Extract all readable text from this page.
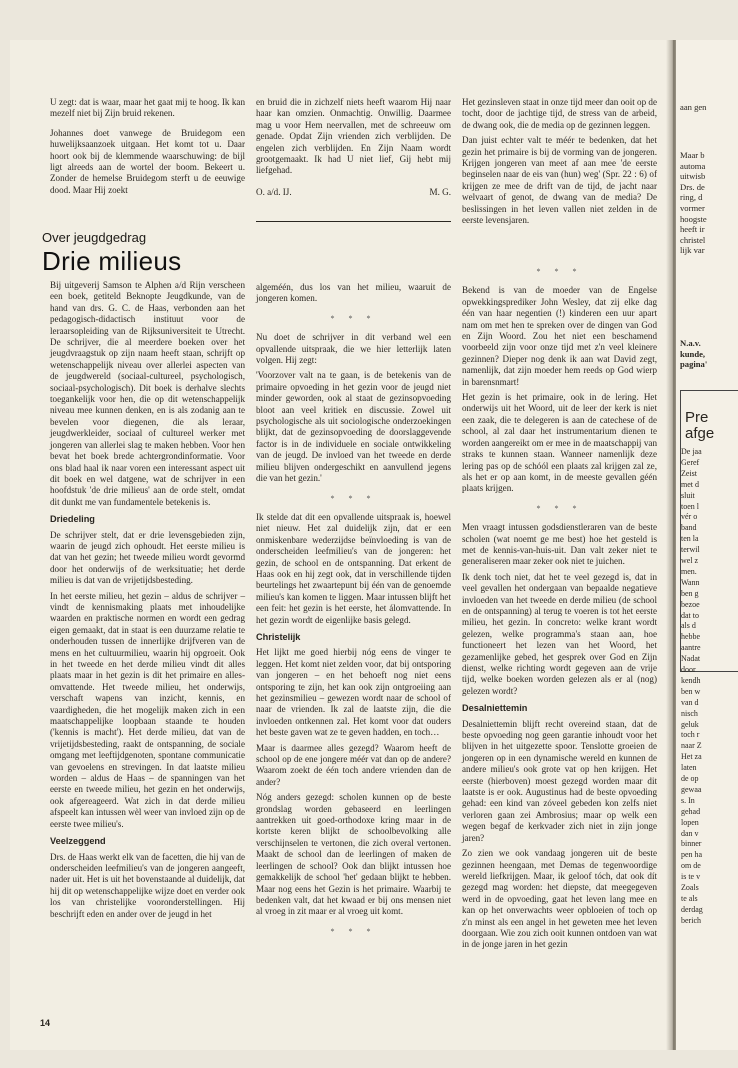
U zegt: dat is waar, maar het gaat mij te hoog. Ik kan mezelf niet bij Zijn bruid rekenen.

Johannes doet vanwege de Bruidegom een huwelijksaanzoek uitgaan. Het komt tot u. Daar hoort ook bij de klemmende waarschuwing: de bijl ligt alreeds aan de wortel der boom. Bekeert u. Zonder de hemelse Bruidegom sterft u de eeuwige dood. Maar Hij zoekt

en bruid die in zichzelf niets heeft waarom Hij naar haar kan omzien. Onmachtig. Onwillig. Daarmee mag u voor Hem neervallen, met de schreeuw om genade. Opdat Zijn vrienden zich verblijden. De engelen zich verblijden. En Zijn Naam wordt grootgemaakt. Ik had U niet lief, Gij hebt mij liefgehad.

O. a/d. IJ.	M. G.

Het gezinsleven staat in onze tijd meer dan ooit op de tocht, door de jachtige tijd, de stress van de arbeid, de dwang ook, die de media op de gezinnen leggen.

Dan juist echter valt te méér te bedenken, dat het gezin het primaire is bij de vorming van de jongeren. Krijgen jongeren van meet af aan mee 'de eerste beginselen naar de eis van (hun) weg' (Spr. 22 : 6) of krijgen ze mee de drift van de tijd, de jacht naar welvaart of genot, de dwang van de media? De beslissingen in het leven vallen niet zelden in de eerste levensjaren.

Over jeugdgedrag
Drie milieus

Bij uitgeverij Samson te Alphen a/d Rijn verscheen een boek, getiteld Beknopte Jeugdkunde, van de hand van drs. G. C. de Haas, verbonden aan het pedagogisch-didactisch instituut voor de leraarsopleiding van de Rijksuniversiteit te Utrecht. De schrijver, die al meerdere boeken over het jeugdvraagstuk op zijn naam heeft staan, schrijft op wetenschappelijk niveau over allerlei aspecten van de jeugdwereld (sociaal-cultureel, psychologisch, sociaal-psychologisch). Dit boek is derhalve slechts toegankelijk voor hen, die op dit wetenschappelijk niveau mee kunnen denken, en is als zodanig aan te bevelen voor diegenen, die als leraar, jeugdwerkleider, sociaal of cultureel werker met jongeren van allerlei slag te maken hebben. Voor hen bevat het boek brede achtergrondinformatie. Voor ons blad haal ik naar voren een interessant aspect uit dit boek en wel datgene, wat de schrijver in een hoofdstuk 'de drie milieus' aan de orde stelt, omdat dit dunkt me van fundamentele betekenis is.

Driedeling

De schrijver stelt, dat er drie levensgebieden zijn, waarin de jeugd zich ophoudt. Het eerste milieu is dat van het gezin; het tweede milieu wordt gevormd door het onderwijs of de werksituatie; het derde milieu is dat van de vrijetijdsbesteding.

In het eerste milieu, het gezin – aldus de schrijver – vindt de kennismaking plaats met inhoudelijke waarden en praktische normen en wordt een gedrag eigen gemaakt, dat in staat is een duurzame relatie te onderhouden tussen de innerlijke drijfveren van de mens en het cultuurmilieu, waarin hij opgroeit. Ook in het tweede en het derde milieu vindt dit alles plaats maar in het gezin is dit het primaire en alles-omvattende. Het tweede milieu, het onderwijs, verschaft wapens van inzicht, kennis, en vaardigheden, die het mogelijk maken zich in een maatschappelijke loopbaan staande te houden ('kennis is macht'). Het derde milieu, dat van de vrijetijdsbesteding, raakt de ontspanning, de sociale omgang met leeftijdgenoten, spontane communicatie van gevoelens en strevingen. In dat laatste milieu worden – aldus de Haas – de spanningen van het eerste en tweede milieu, het gezin en het onderwijs, ook afgereageerd. Wat zich in dat derde milieu afspeelt kan intussen wèl weer van invloed zijn op de eerste twee milieu's.

Veelzeggend

Drs. de Haas werkt elk van de facetten, die hij van de onderscheiden leefmilieu's van de jongeren aangeeft, nader uit. Het is uit het bovenstaande al duidelijk, dat hij dit op wetenschappelijke wijze doet en verder ook los van christelijke vooronderstellingen. Hij beschrijft eden en ander over de jeugd in het

algeméén, dus los van het milieu, waaruit de jongeren komen.

* * *

Nu doet de schrijver in dit verband wel een opvallende uitspraak, die we hier letterlijk laten volgen. Hij zegt:

'Voorzover valt na te gaan, is de betekenis van de primaire opvoeding in het gezin voor de jeugd niet minder geworden, ook al staat de gezinsopvoeding bloot aan veel kritiek en discussie. Zowel uit psychologische als uit sociologische onderzoekingen blijkt, dat de gezinsopvoeding de doorslaggevende factor is in de individuele en sociale ontwikkeling van de jeugd. De invloed van het tweede en derde milieu blijven ondergeschikt en aanvullend jegens die van het gezin.'

* * *

Ik stelde dat dit een opvallende uitspraak is, hoewel niet nieuw. Het zal duidelijk zijn, dat er een onmiskenbare wederzijdse beïnvloeding is van de onderscheiden leefmilieu's van de jongeren: het gezin, de school en de ontspanning. Dat erkent de Haas ook en hij zegt ook, dat in verschillende tijden beurtelings het zwaartepunt bij één van de genoemde milieu's kan komen te liggen. Maar intussen blijft het een feit: het gezin is het eerste, het álomvattende. In het gezin wordt de eigenlijke basis gelegd.

Christelijk

Het lijkt me goed hierbij nóg eens de vinger te leggen. Het komt niet zelden voor, dat bij ontsporing van jongeren – en het behoeft nog niet eens ontsporing te zijn, het kan ook zijn ontgroeiing aan het gezinsmilieu – gewezen wordt naar de school of naar de vrienden. Ik zal de laatste zijn, die die invloeden ontkennen zal. Het komt voor dat ouders het beste gaven wat ze te geven hadden, en toch…

Maar is daarmee alles gezegd? Waarom heeft de school op de ene jongere méér vat dan op de andere? Waarom zoekt de één toch andere vrienden dan de ander?

Nóg anders gezegd: scholen kunnen op de beste grondslag worden gebaseerd en leerlingen aantrekken uit goed-orthodoxe kring maar in de kortste keren blijkt de schoolbevolking alle verschijnselen te vertonen, die zich overal vertonen. Maakt de school dan de leerlingen of maken de leerlingen de school? Ook dan blijkt intussen hoe gemakkelijk de school 'het' gedaan blijkt te hebben. Maar nog eens het Gezin is het primaire. Waarbij te bedenken valt, dat het kwaad er bij ons mensen niet al vroeg in zit maar er al vroeg uit komt.

* * *
* * *

Bekend is van de moeder van de Engelse opwekkingsprediker John Wesley, dat zij elke dag één van haar negentien (!) kinderen een uur apart nam om met hen te spreken over de dingen van God en Zijn Woord. Zou het niet een beschamend voorbeeld zijn voor onze tijd met z'n veel kleinere gezinnen? Dieper nog denk ik aan wat David zegt, namenlijk, dat zijn moeder hem reeds op God wierp in barensnmart!

Het gezin is het primaire, ook in de lering. Het onderwijs uit het Woord, uit de leer der kerk is niet een zaak, die te delegeren is aan de catechese of de school, al zal daar het instrumentarium dienen te worden aangereikt om er mee in de maatschappij van straks te kunnen staan. Wanneer namenlijk deze lering pas op de schóól een plaats zal krijgen zal ze, als het er op aan komt, in de meeste gevallen géén plaats krijgen.

* * *

Men vraagt intussen godsdienstleraren van de beste scholen (wat noemt ge me best) hoe het gesteld is met de kennis-van-huis-uit. Dan valt zeker niet te generaliseren maar zeker ook niet te juichen.

Ik denk toch niet, dat het te veel gezegd is, dat in veel gevallen het ondergaan van bepaalde negatieve invloeden van het tweede en derde milieu (de school en de ontspanning) al terug te voeren is tot het eerste milieu, het gezin. In concreto: welke krant wordt gelezen, welke programma's staan aan, hoe functioneert het lezen van het Woord, het gezamenlijke gebed, het gesprek over God en Zijn dienst, welke richting wordt gegeven aan de vrije tijd, welke boeken worden gelezen als er al (nog) gelezen wordt?

Desalniettemin

Desalniettemin blijft recht overeind staan, dat de beste opvoeding nog geen garantie inhoudt voor het blijven in het uitgezette spoor. Tenslotte groeien de jongeren op in een dynamische wereld en kunnen de andere milieu's ook grote vat op hen krijgen. Het eerste (hierboven) moest gezegd worden maar dit laatste is er ook. Augustinus had de beste opvoeding gehad: een kind van zóveel gebeden kon zelfs niet verloren gaan zei Ambrosius; maar op welk een wegen begaf de kerkvader zich niet in zijn jonge jaren?

Zo zien we ook vandaag jongeren uit de beste gezinnen heengaan, met Demas de tegenwoordige wereld liefkrijgen. Maar, ik geloof tóch, dat ook dít gezegd mag worden: het diepste, dat meegegeven werd in de opvoeding, gaat het leven lang mee en kan op het onverwachts weer opbloeien of toch op z'n minst als een angel in het geweten mee het leven doorgaan. Wie zou zich ooit kunnen ontdoen van wat in de jonge jaren in het gezin

14
aan gen
Maar b
automa
uitwisb
Drs. de
ring, d
vormer
hoogste
heeft ir
christel
lijk var
N.a.v.
kunde,
pagina'
Pre
afge
De jaa
Geref
Zeist
met d
sluit
toen l
vér o
band
ten la
terwil
wel z
men.
Wann
ben g
bezoe
dat to
als d
hebbe
aantre
Nadat
door
kendh
ben w
van d
nisch
geluk
toch r
naar Z
Het za
laten
de op
gewaa
s. In
gehad
lopen
dan v
binner
pen ha
om de
is te v
Zoals
te als
derdag
berich
